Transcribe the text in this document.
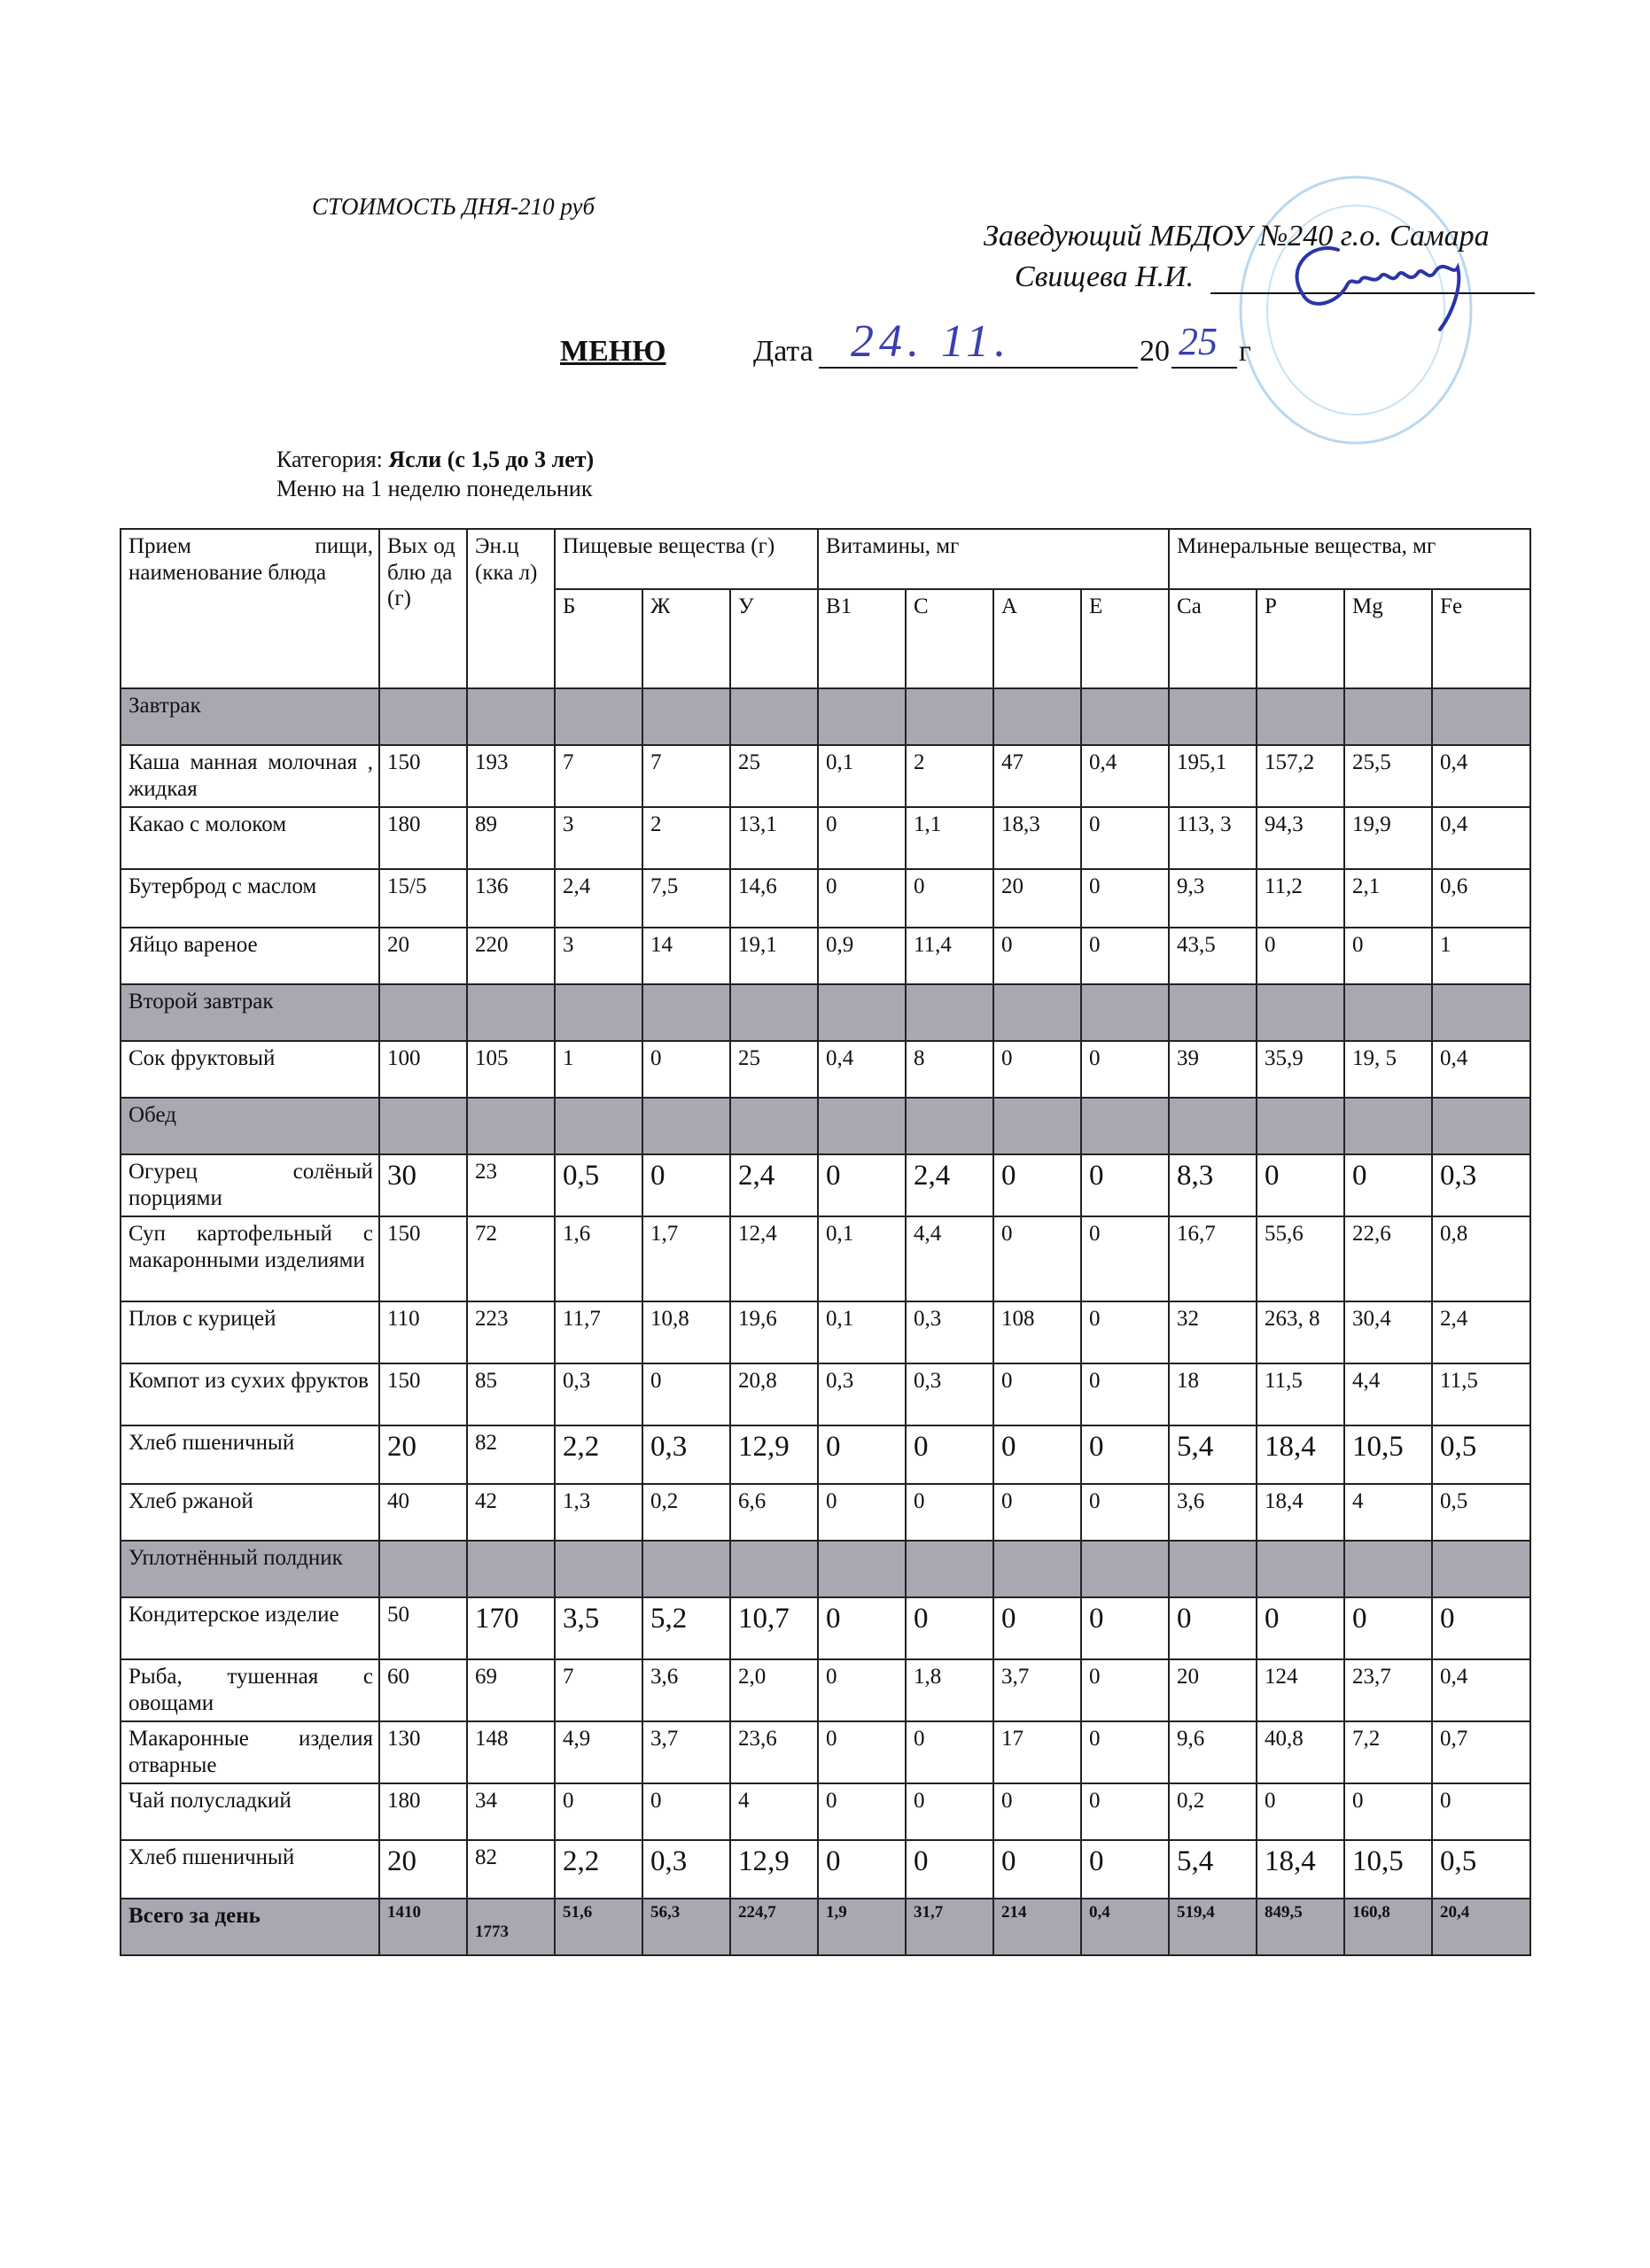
СТОИМОСТЬ ДНЯ-210 руб
Заведующий МБДОУ №240 г.о. Самара
Свищева Н.И.
МЕНЮ	Дата 24. 11.	20 25 г
Категория: Ясли (с 1,5 до 3 лет)
Меню на 1 неделю понедельник
Прием пищи, наименование блюда	Вых од блю да (г)	Эн.ц (кка л)	Пищевые вещества (г)			Витамины, мг				Минеральные вещества, мг			
			Б	Ж	У	B1	C	A	E	Ca	P	Mg	Fe
Завтрак													
Каша манная молочная , жидкая	150	193	7	7	25	0,1	2	47	0,4	195,1	157,2	25,5	0,4
Какао с молоком	180	89	3	2	13,1	0	1,1	18,3	0	113, 3	94,3	19,9	0,4
Бутерброд с маслом	15/5	136	2,4	7,5	14,6	0	0	20	0	9,3	11,2	2,1	0,6
Яйцо вареное	20	220	3	14	19,1	0,9	11,4	0	0	43,5	0	0	1
Второй завтрак													
Сок фруктовый	100	105	1	0	25	0,4	8	0	0	39	35,9	19, 5	0,4
Обед													
Огурец солёный порциями	30	23	0,5	0	2,4	0	2,4	0	0	8,3	0	0	0,3
Суп картофельный с макаронными изделиями	150	72	1,6	1,7	12,4	0,1	4,4	0	0	16,7	55,6	22,6	0,8
Плов с курицей	110	223	11,7	10,8	19,6	0,1	0,3	108	0	32	263, 8	30,4	2,4
Компот из сухих фруктов	150	85	0,3	0	20,8	0,3	0,3	0	0	18	11,5	4,4	11,5
Хлеб пшеничный	20	82	2,2	0,3	12,9	0	0	0	0	5,4	18,4	10,5	0,5
Хлеб ржаной	40	42	1,3	0,2	6,6	0	0	0	0	3,6	18,4	4	0,5
Уплотнённый полдник													
Кондитерское изделие	50	170	3,5	5,2	10,7	0	0	0	0	0	0	0	0
Рыба, тушенная с овощами	60	69	7	3,6	2,0	0	1,8	3,7	0	20	124	23,7	0,4
Макаронные изделия отварные	130	148	4,9	3,7	23,6	0	0	17	0	9,6	40,8	7,2	0,7
Чай полусладкий	180	34	0	0	4	0	0	0	0	0,2	0	0	0
Хлеб пшеничный	20	82	2,2	0,3	12,9	0	0	0	0	5,4	18,4	10,5	0,5
Всего за день	1410	1773	51,6	56,3	224,7	1,9	31,7	214	0,4	519,4	849,5	160,8	20,4
